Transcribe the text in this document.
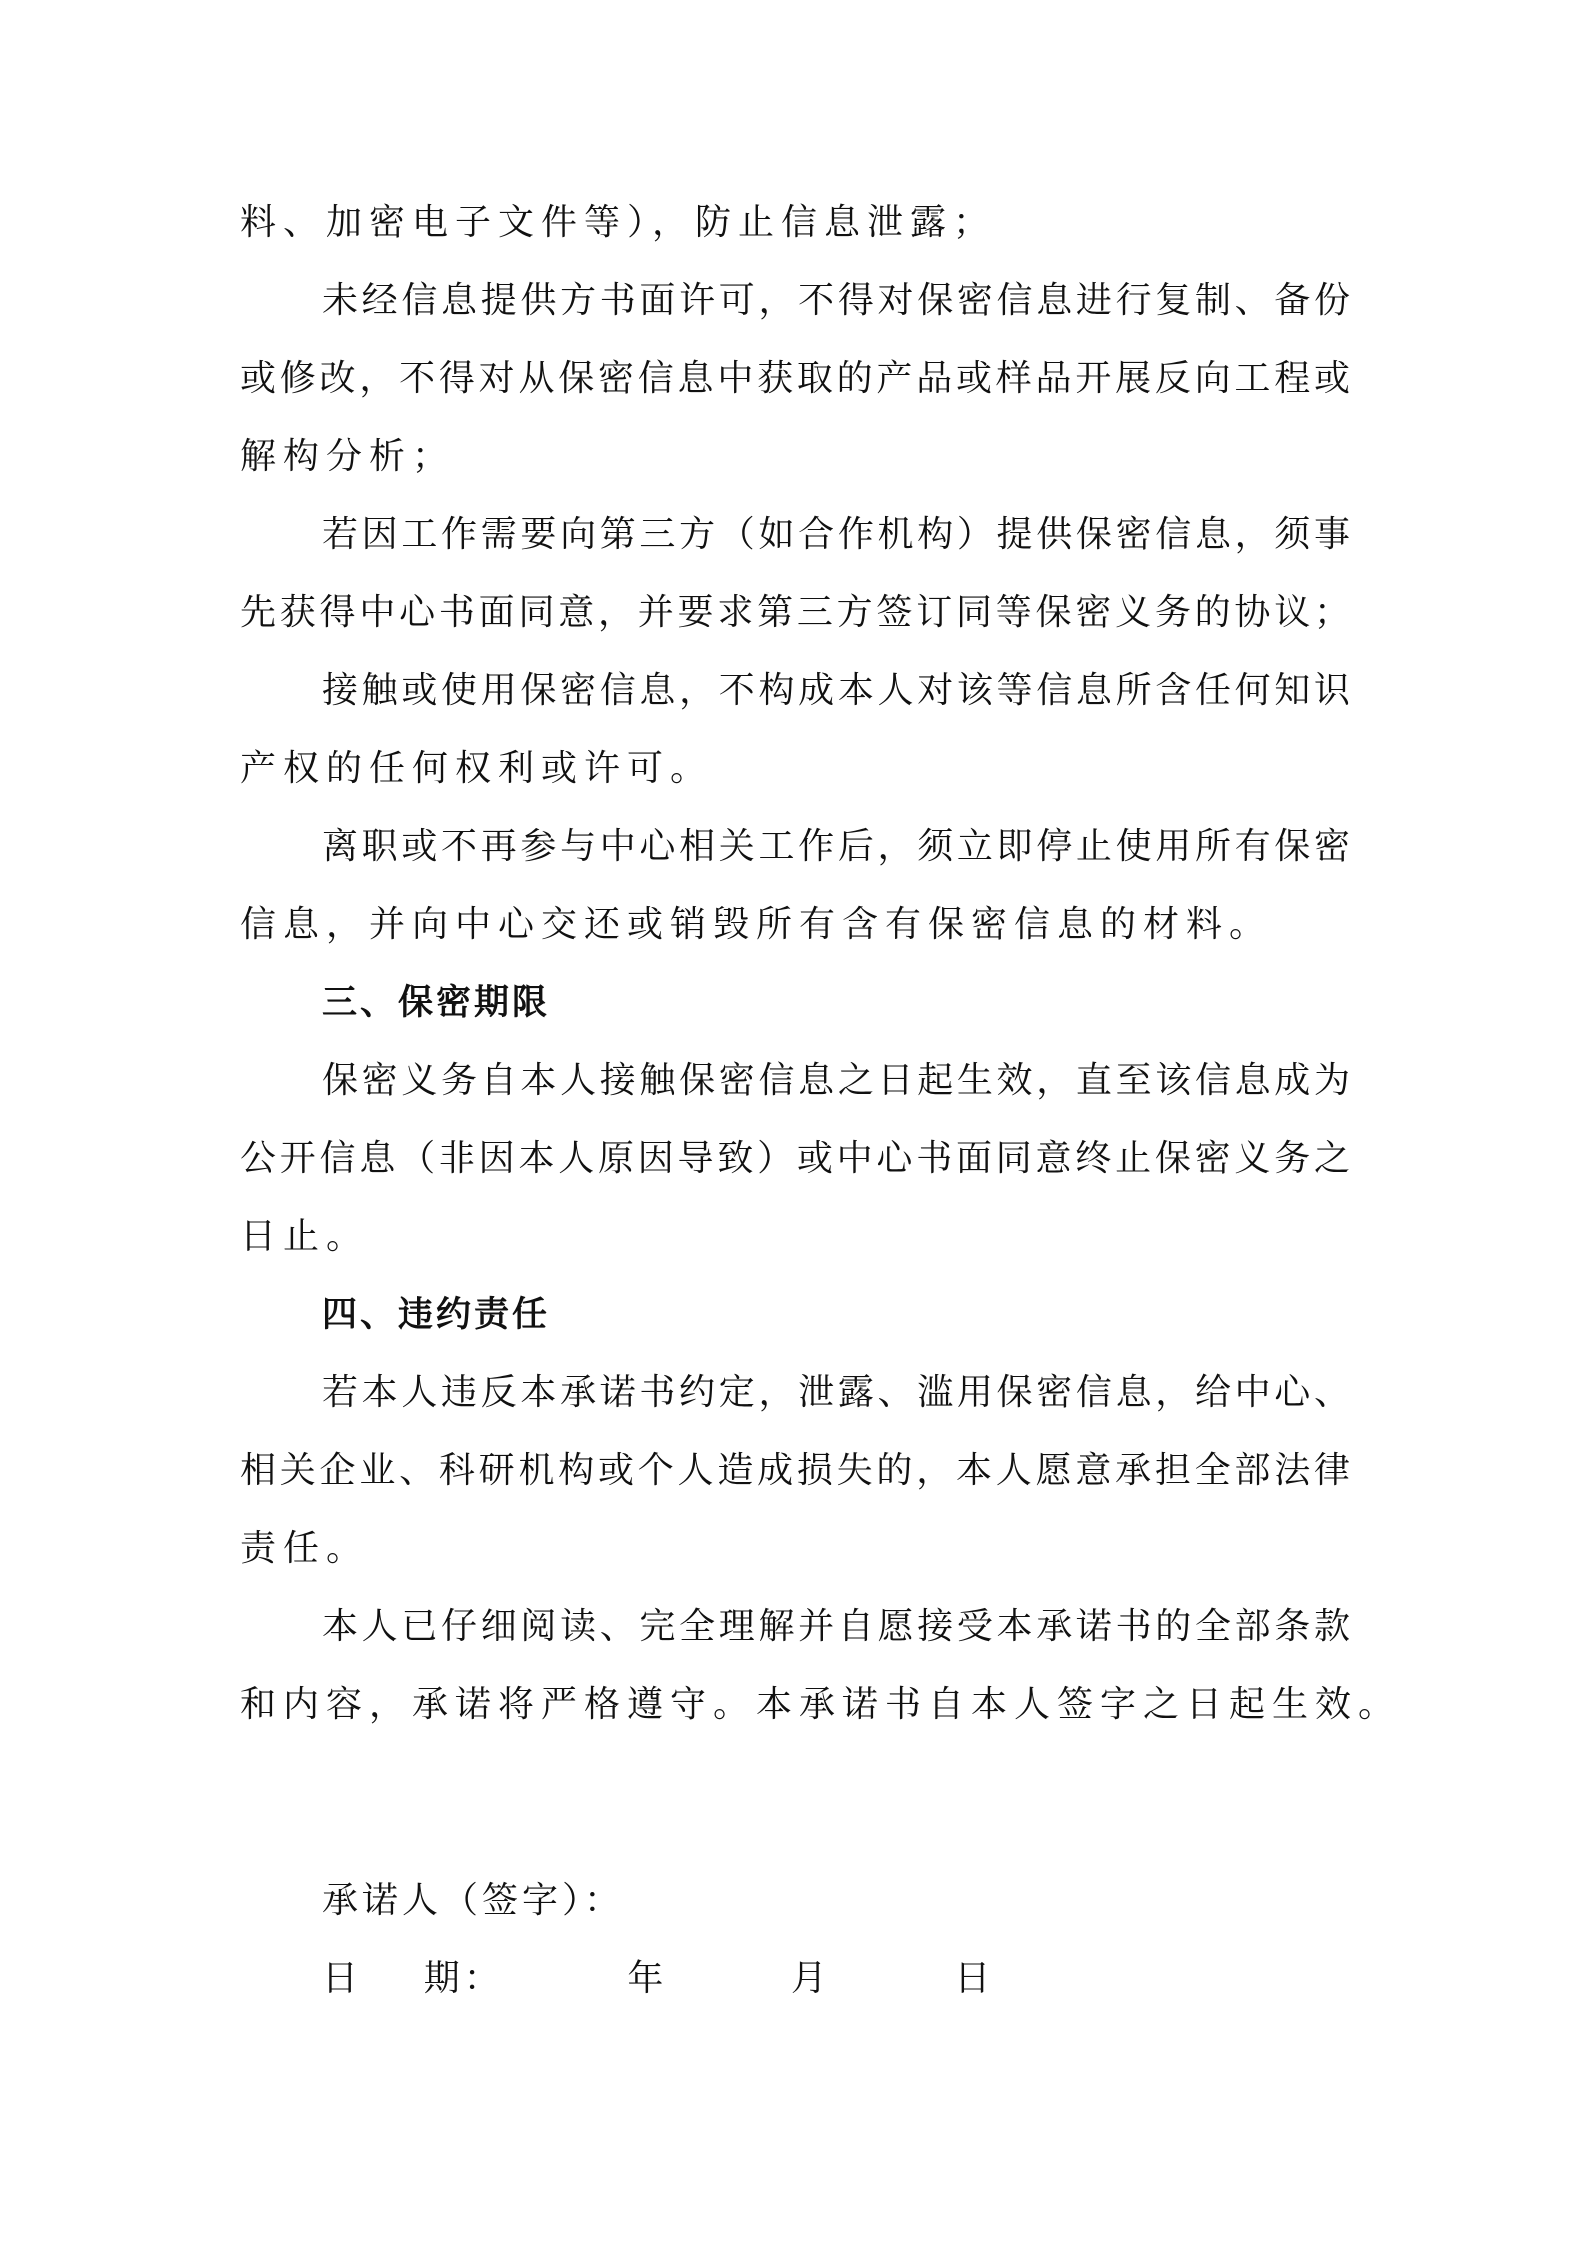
料、加密电子文件等），防止信息泄露；
未经信息提供方书面许可，不得对保密信息进行复制、备份
或修改，不得对从保密信息中获取的产品或样品开展反向工程或
解构分析；
若因工作需要向第三方（如合作机构）提供保密信息，须事
先获得中心书面同意，并要求第三方签订同等保密义务的协议；
接触或使用保密信息，不构成本人对该等信息所含任何知识
产权的任何权利或许可。
离职或不再参与中心相关工作后，须立即停止使用所有保密
信息，并向中心交还或销毁所有含有保密信息的材料。
三、保密期限
保密义务自本人接触保密信息之日起生效，直至该信息成为
公开信息（非因本人原因导致）或中心书面同意终止保密义务之
日止。
四、违约责任
若本人违反本承诺书约定，泄露、滥用保密信息，给中心、
相关企业、科研机构或个人造成损失的，本人愿意承担全部法律
责任。
本人已仔细阅读、完全理解并自愿接受本承诺书的全部条款
和内容，承诺将严格遵守。本承诺书自本人签字之日起生效。
承诺人（签字）：
日    期：        年        月        日
